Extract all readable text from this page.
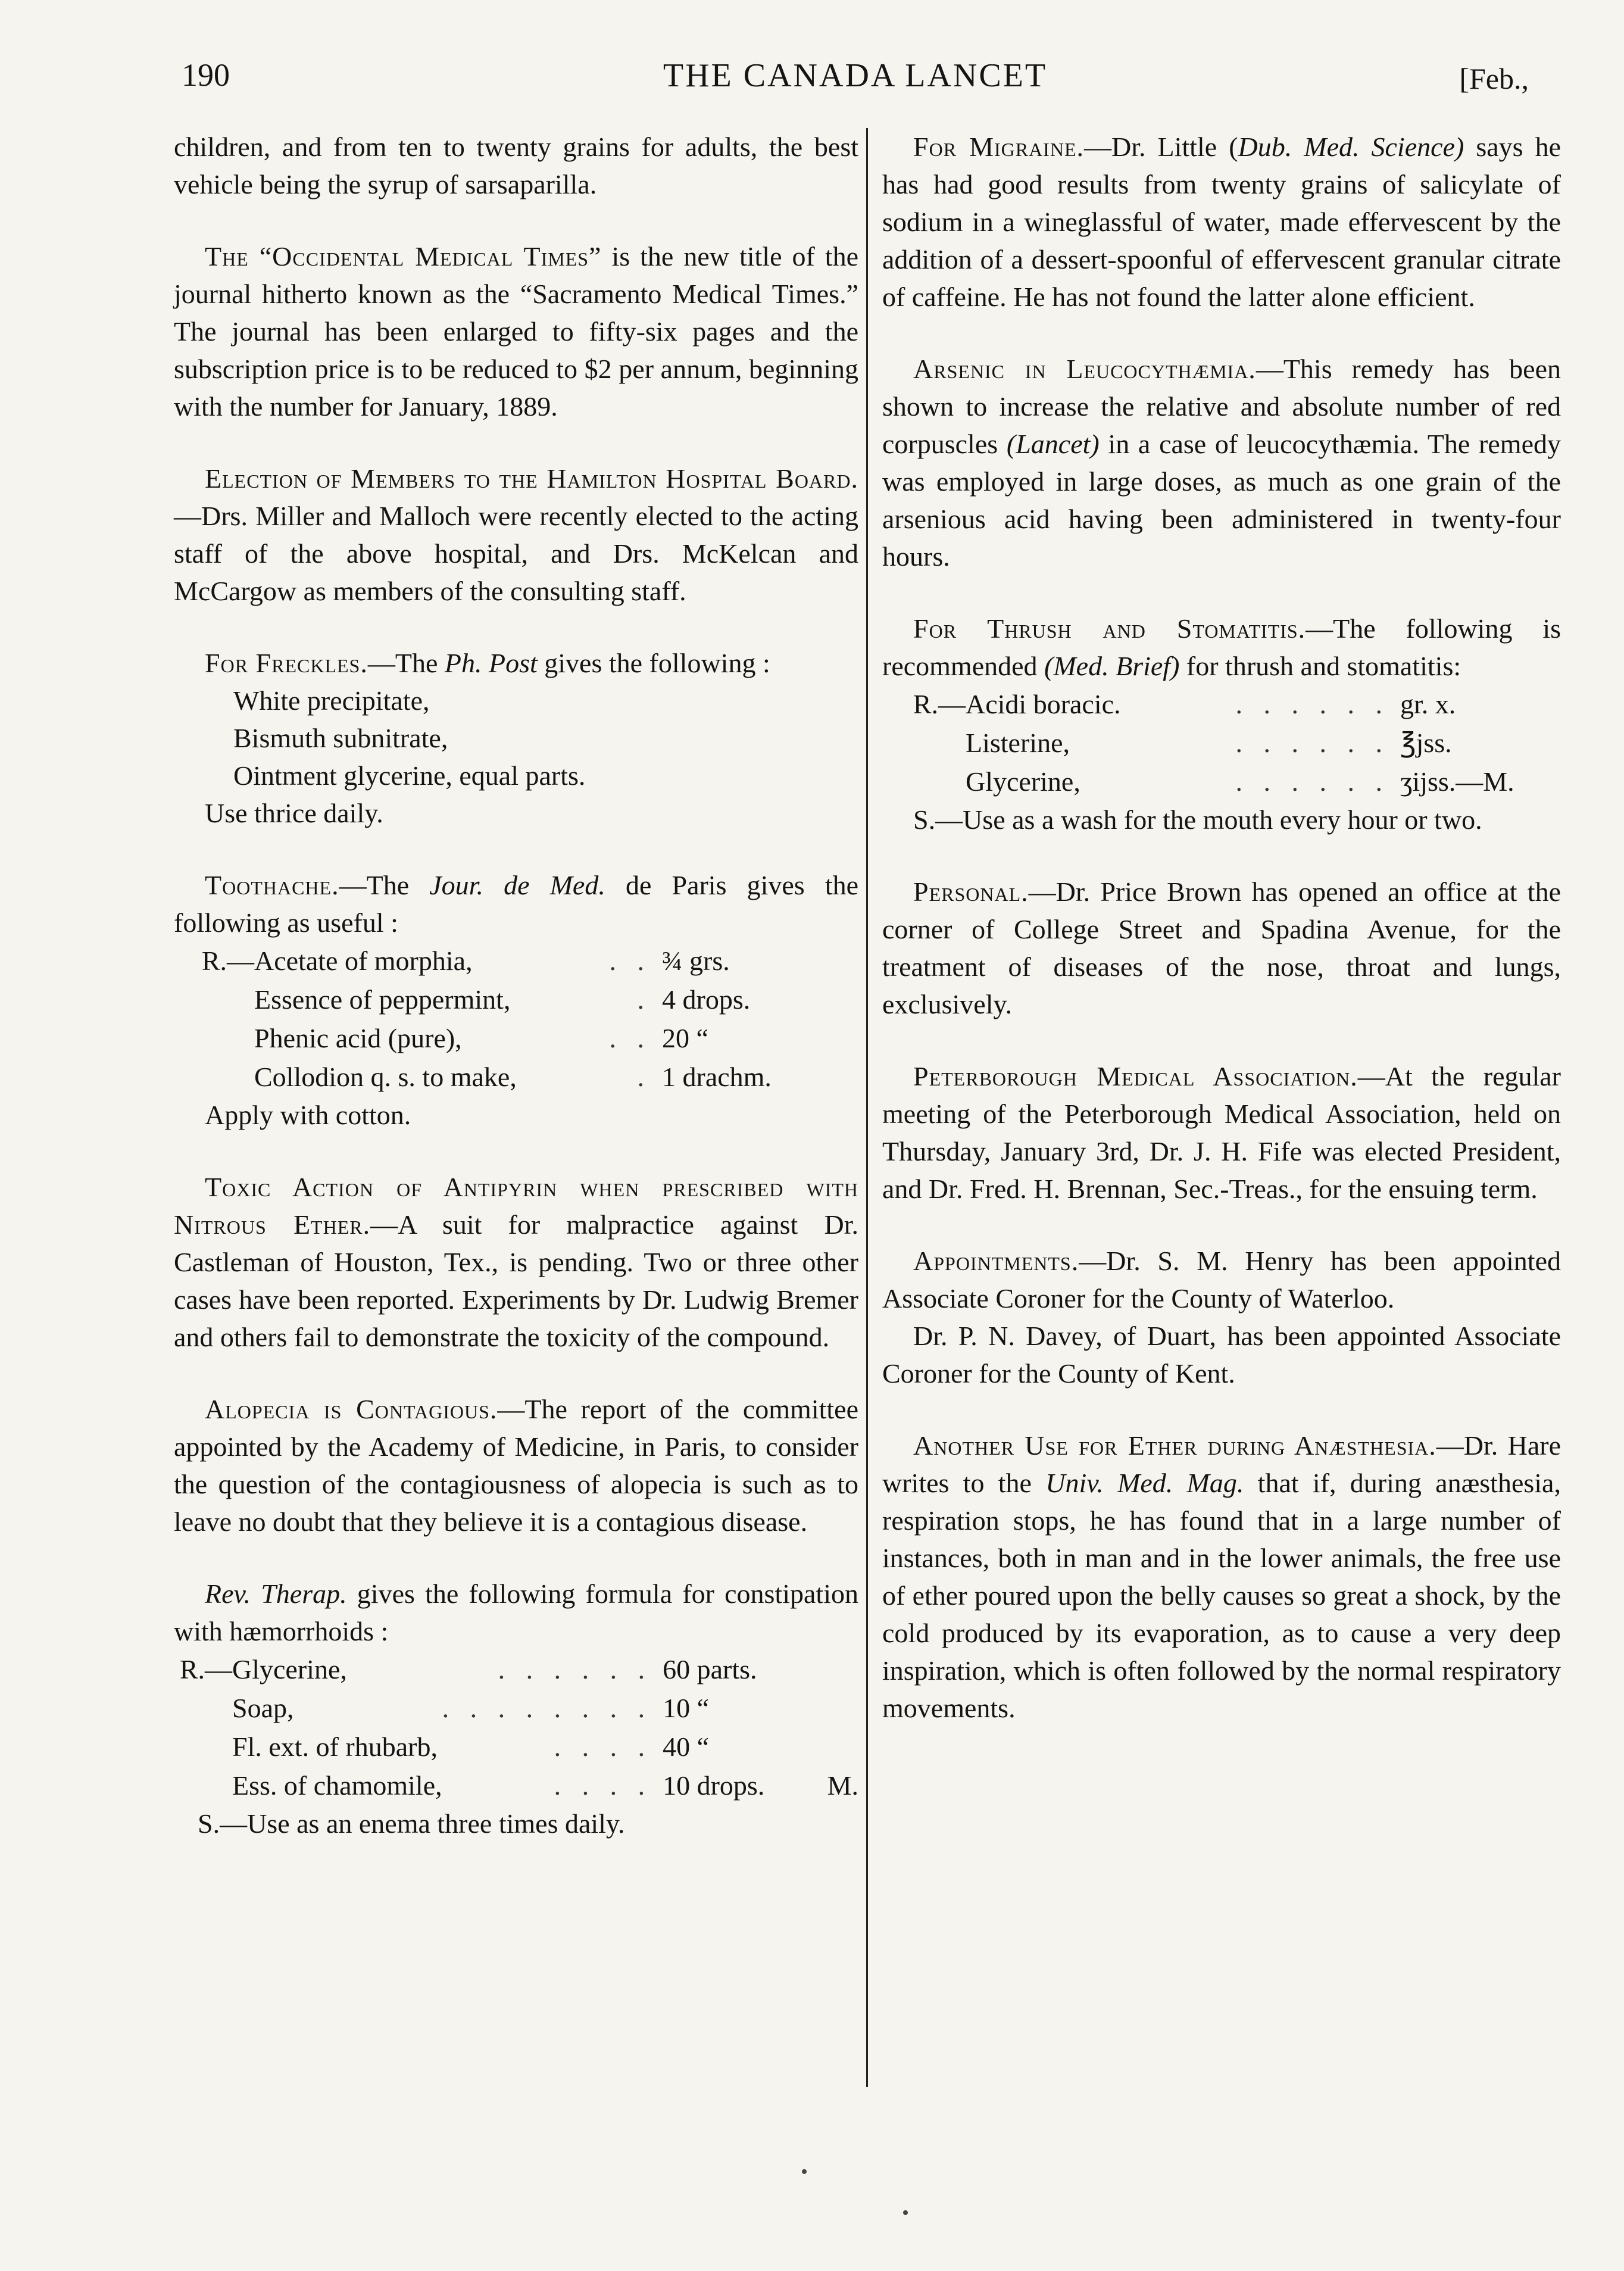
190	THE CANADA LANCET	[Feb.,

children, and from ten to twenty grains for adults, the best vehicle being the syrup of sarsaparilla.

The “Occidental Medical Times” is the new title of the journal hitherto known as the “Sacramento Medical Times.” The journal has been enlarged to fifty-six pages and the subscription price is to be reduced to $2 per annum, beginning with the number for January, 1889.

Election of Members to the Hamilton Hospital Board.—Drs. Miller and Malloch were recently elected to the acting staff of the above hospital, and Drs. McKelcan and McCargow as members of the consulting staff.

For Freckles.—The Ph. Post gives the following :

White precipitate,
Bismuth subnitrate,
Ointment glycerine, equal parts.

Use thrice daily.

Toothache.—The Jour. de Med. de Paris gives the following as useful :

R.—	Acetate of morphia,	. .	¾ grs.
	Essence of peppermint,	.	4 drops.
	Phenic acid (pure),	. .	20 “
	Collodion q. s. to make,	.	1 drachm.

Apply with cotton.

Toxic Action of Antipyrin when prescribed with Nitrous Ether.—A suit for malpractice against Dr. Castleman of Houston, Tex., is pending. Two or three other cases have been reported. Experiments by Dr. Ludwig Bremer and others fail to demonstrate the toxicity of the compound.

Alopecia is Contagious.—The report of the committee appointed by the Academy of Medicine, in Paris, to consider the question of the contagiousness of alopecia is such as to leave no doubt that they believe it is a contagious disease.

Rev. Therap. gives the following formula for constipation with hæmorrhoids :

R.—	Glycerine,	. . . . . .	60 parts.	
	Soap,	. . . . . . . .	10 “	
	Fl. ext. of rhubarb,	. . . .	40 “	
	Ess. of chamomile,	. . . .	10 drops.	M.

S.—Use as an enema three times daily.

For Migraine.—Dr. Little (Dub. Med. Science) says he has had good results from twenty grains of salicylate of sodium in a wineglassful of water, made effervescent by the addition of a dessert-spoonful of effervescent granular citrate of caffeine. He has not found the latter alone efficient.

Arsenic in Leucocythæmia.—This remedy has been shown to increase the relative and absolute number of red corpuscles (Lancet) in a case of leucocythæmia. The remedy was employed in large doses, as much as one grain of the arsenious acid having been administered in twenty-four hours.

For Thrush and Stomatitis.—The following is recommended (Med. Brief) for thrush and stomatitis:

R.—	Acidi boracic.	. . . . . .	gr. x.
	Listerine,	. . . . . .	℥jss.
	Glycerine,	. . . . . .	ʒijss.—M.

S.—Use as a wash for the mouth every hour or two.

Personal.—Dr. Price Brown has opened an office at the corner of College Street and Spadina Avenue, for the treatment of diseases of the nose, throat and lungs, exclusively.

Peterborough Medical Association.—At the regular meeting of the Peterborough Medical Association, held on Thursday, January 3rd, Dr. J. H. Fife was elected President, and Dr. Fred. H. Brennan, Sec.-Treas., for the ensuing term.

Appointments.—Dr. S. M. Henry has been appointed Associate Coroner for the County of Waterloo.

Dr. P. N. Davey, of Duart, has been appointed Associate Coroner for the County of Kent.

Another Use for Ether during Anæsthesia.—Dr. Hare writes to the Univ. Med. Mag. that if, during anæsthesia, respiration stops, he has found that in a large number of instances, both in man and in the lower animals, the free use of ether poured upon the belly causes so great a shock, by the cold produced by its evaporation, as to cause a very deep inspiration, which is often followed by the normal respiratory movements.
